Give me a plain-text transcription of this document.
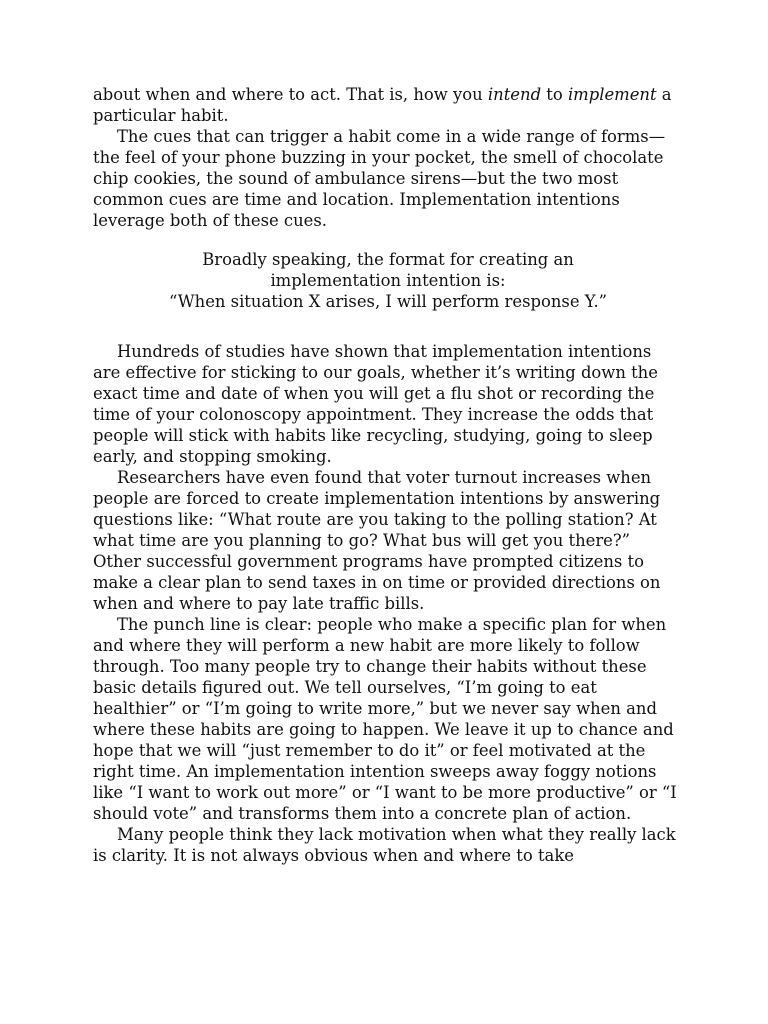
about when and where to act. That is, how you intend to implement a particular habit.

The cues that can trigger a habit come in a wide range of forms—the feel of your phone buzzing in your pocket, the smell of chocolate chip cookies, the sound of ambulance sirens—but the two most common cues are time and location. Implementation intentions leverage both of these cues.

Broadly speaking, the format for creating an

implementation intention is:

“When situation X arises, I will perform response Y.”

Hundreds of studies have shown that implementation intentions are effective for sticking to our goals, whether it’s writing down the exact time and date of when you will get a flu shot or recording the time of your colonoscopy appointment. They increase the odds that people will stick with habits like recycling, studying, going to sleep early, and stopping smoking.

Researchers have even found that voter turnout increases when people are forced to create implementation intentions by answering questions like: “What route are you taking to the polling station? At what time are you planning to go? What bus will get you there?” Other successful government programs have prompted citizens to make a clear plan to send taxes in on time or provided directions on when and where to pay late traffic bills.

The punch line is clear: people who make a specific plan for when and where they will perform a new habit are more likely to follow through. Too many people try to change their habits without these basic details figured out. We tell ourselves, “I’m going to eat healthier” or “I’m going to write more,” but we never say when and where these habits are going to happen. We leave it up to chance and hope that we will “just remember to do it” or feel motivated at the right time. An implementation intention sweeps away foggy notions like “I want to work out more” or “I want to be more productive” or “I should vote” and transforms them into a concrete plan of action.

Many people think they lack motivation when what they really lack is clarity. It is not always obvious when and where to take
